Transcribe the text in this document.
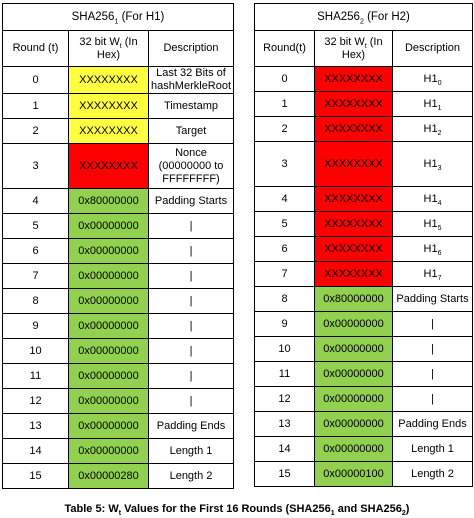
$SHA256_1$ (For H1)		
Round (t)	32 bit $W_t$ (In Hex)	Description
0	XXXXXXXX	Last 32 Bits of hashMerkleRoot
1	XXXXXXXX	Timestamp
2	XXXXXXXX	Target
3	XXXXXXXX	Nonce (00000000 to FFFFFFFF)
4	0x80000000	Padding Starts
5	0x00000000	|
6	0x00000000	|
7	0x00000000	|
8	0x00000000	|
9	0x00000000	|
10	0x00000000	|
11	0x00000000	|
12	0x00000000	|
13	0x00000000	Padding Ends
14	0x00000000	Length 1
15	0x00000280	Length 2
$SHA256_2$ (For H2)		
Round(t)	32 bit $W_t$ (In Hex)	Description
0	XXXXXXXX	$H1_0$
1	XXXXXXXX	$H1_1$
2	XXXXXXXX	$H1_2$
3	XXXXXXXX	$H1_3$
4	XXXXXXXX	$H1_4$
5	XXXXXXXX	$H1_5$
6	XXXXXXXX	$H1_6$
7	XXXXXXXX	$H1_7$
8	0x80000000	Padding Starts
9	0x00000000	|
10	0x00000000	|
11	0x00000000	|
12	0x00000000	|
13	0x00000000	Padding Ends
14	0x00000000	Length 1
15	0x00000100	Length 2
Table 5: $W_t$ Values for the First 16 Rounds ($SHA256_1$ and $SHA256_2$)
